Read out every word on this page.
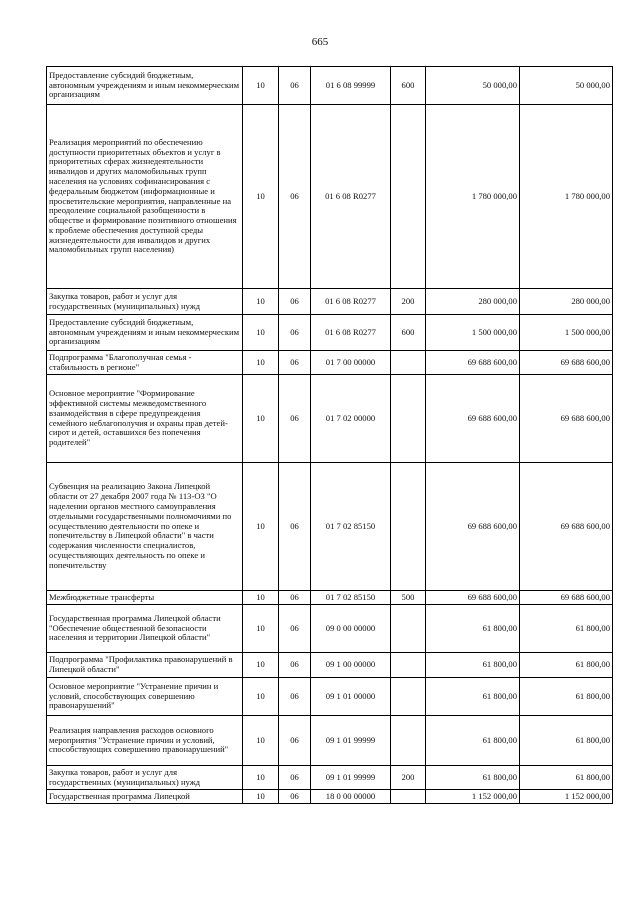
665
Предоставление субсидий бюджетным, автономным учреждениям и иным некоммерческим организациям	10	06	01 6 08 99999	600	50 000,00	50 000,00
Реализация мероприятий по обеспечению доступности приоритетных объектов и услуг в приоритетных сферах жизнедеятельности инвалидов и других маломобильных групп населения на условиях софинансирования с федеральным бюджетом (информационные и просветительские мероприятия, направленные на преодоление социальной разобщенности в обществе и формирование позитивного отношения к проблеме обеспечения доступной среды жизнедеятельности для инвалидов и других маломобильных групп населения)	10	06	01 6 08 R0277		1 780 000,00	1 780 000,00
Закупка товаров, работ и услуг для государственных (муниципальных) нужд	10	06	01 6 08 R0277	200	280 000,00	280 000,00
Предоставление субсидий бюджетным, автономным учреждениям и иным некоммерческим организациям	10	06	01 6 08 R0277	600	1 500 000,00	1 500 000,00
Подпрограмма "Благополучная семья - стабильность в регионе"	10	06	01 7 00 00000		69 688 600,00	69 688 600,00
Основное мероприятие "Формирование эффективной системы межведомственного взаимодействия в сфере предупреждения семейного неблагополучия и охраны прав детей-сирот и детей, оставшихся без попечения родителей"	10	06	01 7 02 00000		69 688 600,00	69 688 600,00
Субвенция на реализацию Закона Липецкой области от 27 декабря 2007 года № 113-ОЗ "О наделении органов местного самоуправления отдельными государственными полномочиями по осуществлению деятельности по опеке и попечительству в Липецкой области" в части содержания численности специалистов, осуществляющих деятельность по опеке и попечительству	10	06	01 7 02 85150		69 688 600,00	69 688 600,00
Межбюджетные трансферты	10	06	01 7 02 85150	500	69 688 600,00	69 688 600,00
Государственная программа Липецкой области "Обеспечение общественной безопасности населения и территории Липецкой области"	10	06	09 0 00 00000		61 800,00	61 800,00
Подпрограмма "Профилактика правонарушений в Липецкой области"	10	06	09 1 00 00000		61 800,00	61 800,00
Основное мероприятие "Устранение причин и условий, способствующих совершению правонарушений"	10	06	09 1 01 00000		61 800,00	61 800,00
Реализация направления расходов основного мероприятия "Устранение причин и условий, способствующих совершению правонарушений"	10	06	09 1 01 99999		61 800,00	61 800,00
Закупка товаров, работ и услуг для государственных (муниципальных) нужд	10	06	09 1 01 99999	200	61 800,00	61 800,00
Государственная программа Липецкой	10	06	18 0 00 00000		1 152 000,00	1 152 000,00
